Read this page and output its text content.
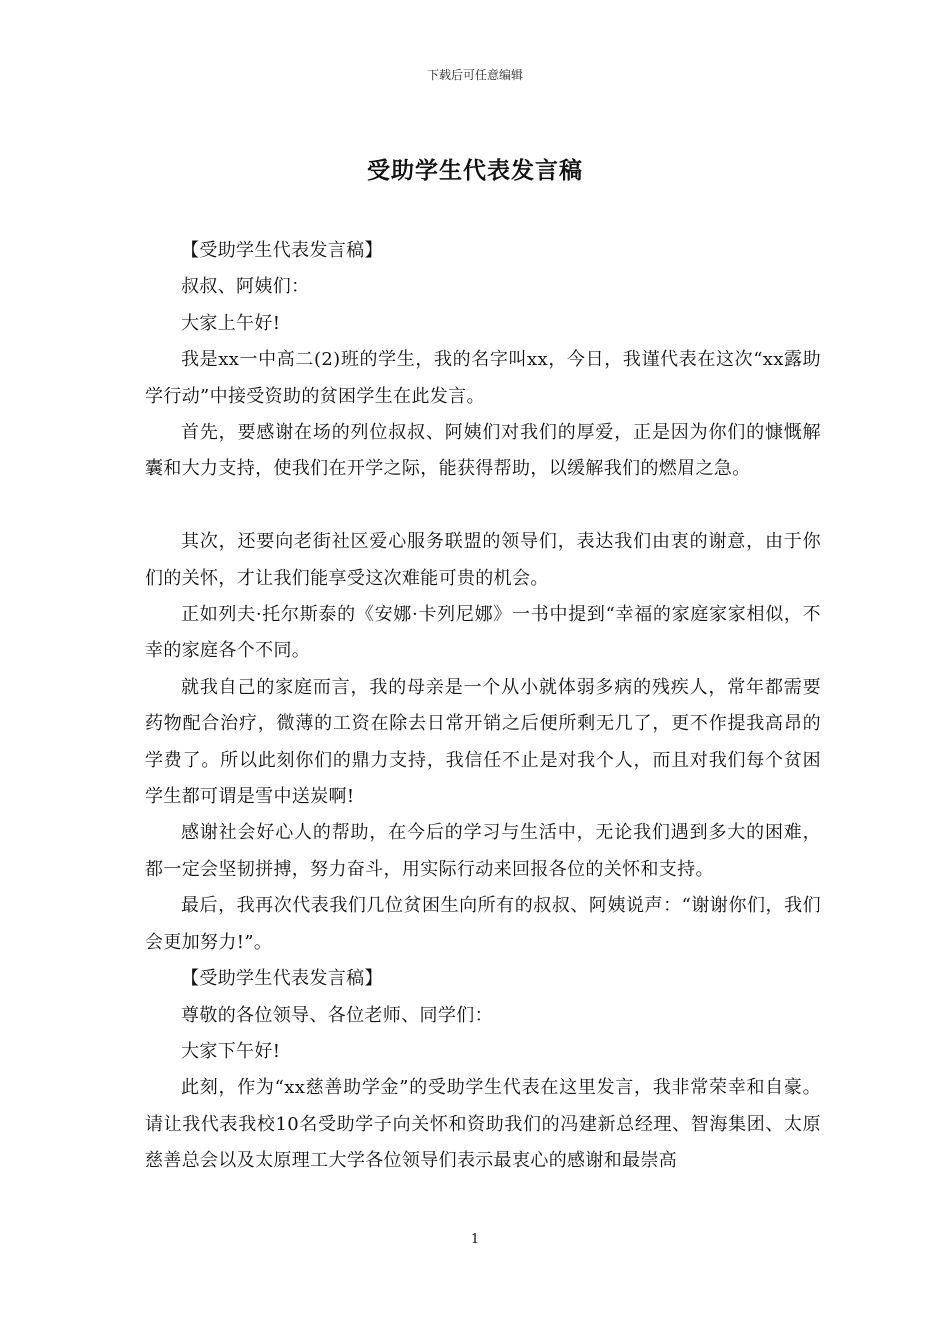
下载后可任意编辑
受助学生代表发言稿

【受助学生代表发言稿】

叔叔、阿姨们：

大家上午好!

我是xx一中高二(2)班的学生，我的名字叫xx，今日，我谨代表在这次“xx露助学行动”中接受资助的贫困学生在此发言。

首先，要感谢在场的列位叔叔、阿姨们对我们的厚爱，正是因为你们的慷慨解囊和大力支持，使我们在开学之际，能获得帮助，以缓解我们的燃眉之急。

其次，还要向老街社区爱心服务联盟的领导们，表达我们由衷的谢意，由于你们的关怀，才让我们能享受这次难能可贵的机会。

正如列夫·托尔斯泰的《安娜·卡列尼娜》一书中提到“幸福的家庭家家相似，不幸的家庭各个不同。

就我自己的家庭而言，我的母亲是一个从小就体弱多病的残疾人，常年都需要药物配合治疗，微薄的工资在除去日常开销之后便所剩无几了，更不作提我高昂的学费了。所以此刻你们的鼎力支持，我信任不止是对我个人，而且对我们每个贫困学生都可谓是雪中送炭啊!

感谢社会好心人的帮助，在今后的学习与生活中，无论我们遇到多大的困难，都一定会坚韧拼搏，努力奋斗，用实际行动来回报各位的关怀和支持。

最后，我再次代表我们几位贫困生向所有的叔叔、阿姨说声：“谢谢你们，我们会更加努力!”。

【受助学生代表发言稿】

尊敬的各位领导、各位老师、同学们：

大家下午好!

此刻，作为“xx慈善助学金”的受助学生代表在这里发言，我非常荣幸和自豪。请让我代表我校10名受助学子向关怀和资助我们的冯建新总经理、智海集团、太原慈善总会以及太原理工大学各位领导们表示最衷心的感谢和最崇高

1
